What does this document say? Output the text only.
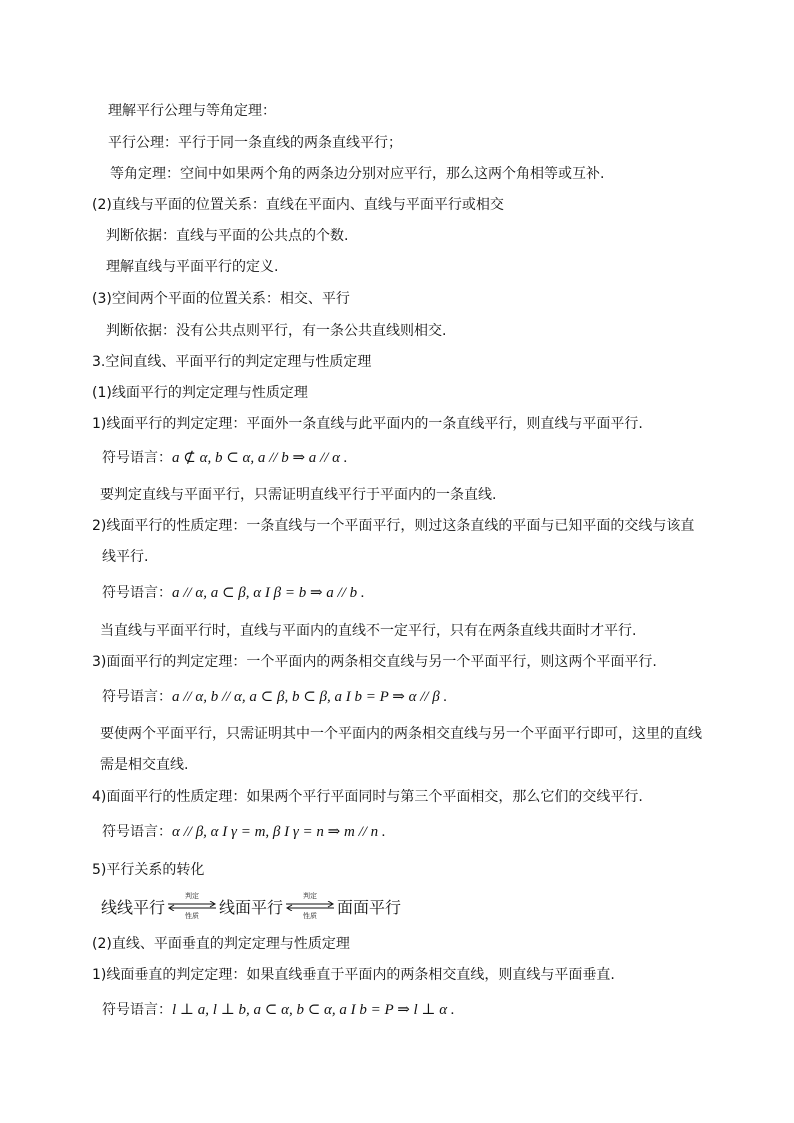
理解平行公理与等角定理：
平行公理：平行于同一条直线的两条直线平行；
等角定理：空间中如果两个角的两条边分别对应平行，那么这两个角相等或互补.
(2)直线与平面的位置关系：直线在平面内、直线与平面平行或相交
判断依据：直线与平面的公共点的个数.
理解直线与平面平行的定义.
(3)空间两个平面的位置关系：相交、平行
判断依据：没有公共点则平行，有一条公共直线则相交.
3.空间直线、平面平行的判定定理与性质定理
(1)线面平行的判定定理与性质定理
1)线面平行的判定定理：平面外一条直线与此平面内的一条直线平行，则直线与平面平行.
符号语言：a ⊄ α, b ⊂ α, a // b ⇒ a // α .
要判定直线与平面平行，只需证明直线平行于平面内的一条直线.
2)线面平行的性质定理：一条直线与一个平面平行，则过这条直线的平面与已知平面的交线与该直
线平行.
符号语言：a // α, a ⊂ β, α I β = b ⇒ a // b .
当直线与平面平行时，直线与平面内的直线不一定平行，只有在两条直线共面时才平行.
3)面面平行的判定定理：一个平面内的两条相交直线与另一个平面平行，则这两个平面平行.
符号语言：a // α, b // α, a ⊂ β, b ⊂ β, a I b = P ⇒ α // β .
要使两个平面平行，只需证明其中一个平面内的两条相交直线与另一个平面平行即可，这里的直线
需是相交直线.
4)面面平行的性质定理：如果两个平行平面同时与第三个平面相交，那么它们的交线平行.
符号语言：α // β, α I γ = m, β I γ = n ⇒ m // n .
5)平行关系的转化
线线平行
判定
性质	线面平行
判定
性质	面面平行
(2)直线、平面垂直的判定定理与性质定理
1)线面垂直的判定定理：如果直线垂直于平面内的两条相交直线，则直线与平面垂直.
符号语言：l ⊥ a, l ⊥ b, a ⊂ α, b ⊂ α, a I b = P ⇒ l ⊥ α .
